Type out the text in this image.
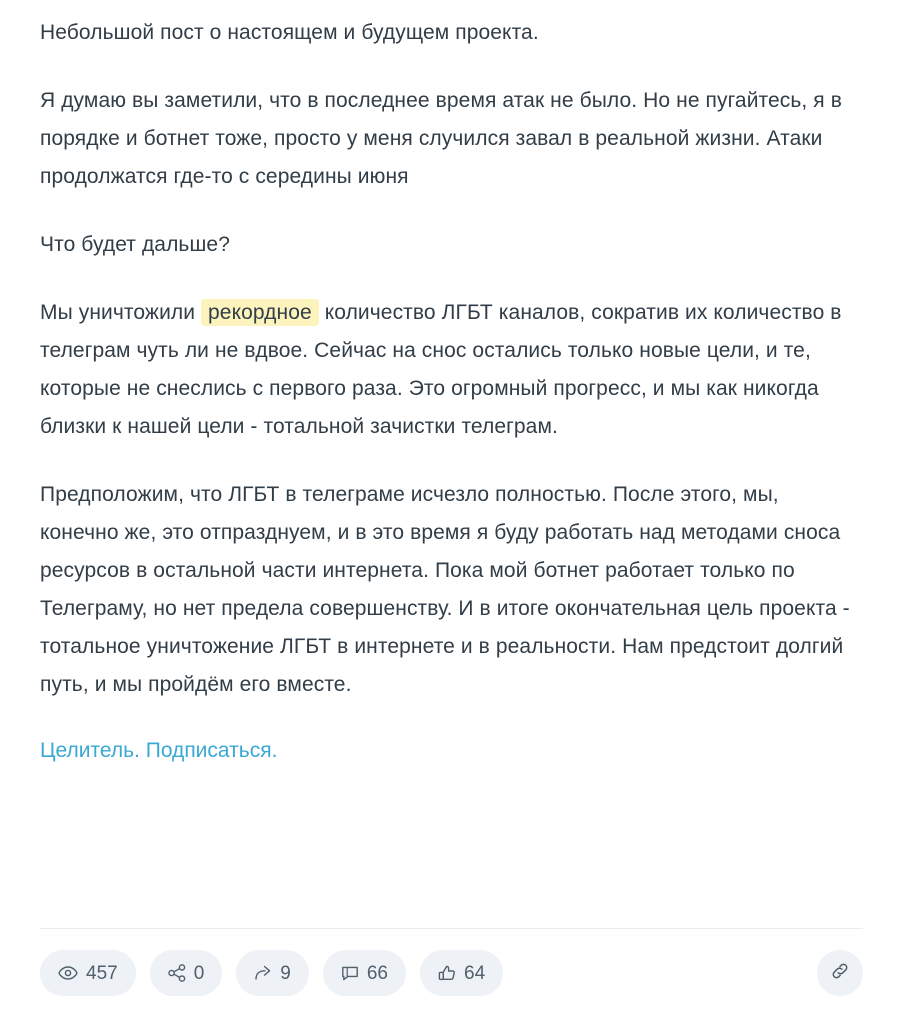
Небольшой пост о настоящем и будущем проекта.

Я думаю вы заметили, что в последнее время атак не было. Но не пугайтесь, я в порядке и ботнет тоже, просто у меня случился завал в реальной жизни. Атаки продолжатся где-то с середины июня

Что будет дальше?

Мы уничтожили рекордное количество ЛГБТ каналов, сократив их количество в телеграм чуть ли не вдвое. Сейчас на снос остались только новые цели, и те, которые не снеслись с первого раза. Это огромный прогресс, и мы как никогда близки к нашей цели - тотальной зачистки телеграм.

Предположим, что ЛГБТ в телеграме исчезло полностью. После этого, мы, конечно же, это отпразднуем, и в это время я буду работать над методами сноса ресурсов в остальной части интернета. Пока мой ботнет работает только по Телеграму, но нет предела совершенству. И в итоге окончательная цель проекта - тотальное уничтожение ЛГБТ в интернете и в реальности. Нам предстоит долгий путь, и мы пройдём его вместе.

Целитель. Подписаться.

457	0	9	66	64
